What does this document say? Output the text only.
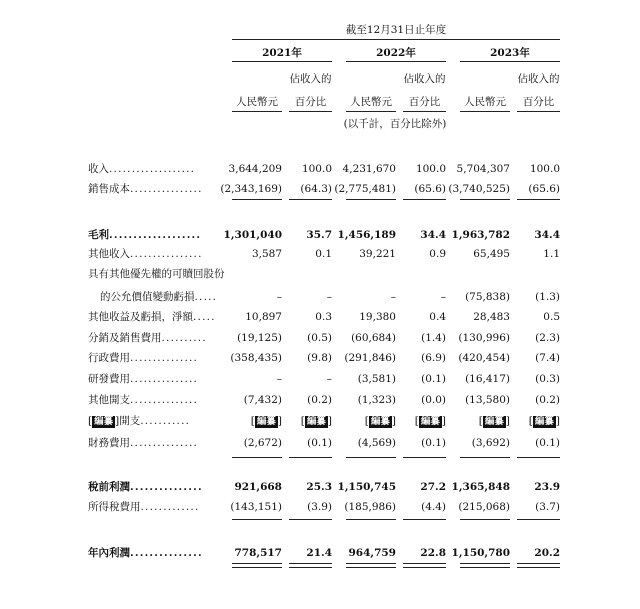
截至12月31日止年度
2021年	2022年	2023年
佔收入的	佔收入的	佔收入的
人民幣元	百分比	人民幣元	百分比	人民幣元	百分比
(以千計，百分比除外)
收入...................	3,644,209	100.0	4,231,670	100.0	5,704,307	100.0
銷售成本................	(2,343,169)	(64.3) (2,775,481)	(65.6) (3,740,525)	(65.6)
毛利...................	1,301,040	35.7 1,456,189	34.4 1,963,782	34.4
其他收入................	3,587	0.1	39,221	0.9	65,495	1.1
具有其他優先權的可贖回股份
的公允價值變動虧損.....	–	–	–	–	(75,838)	(1.3)
其他收益及虧損，淨額.....	10,897	0.3	19,380	0.4	28,483	0.5
分銷及銷售費用..........	(19,125)	(0.5)	(60,684)	(1.4)	(130,996)	(2.3)
行政費用...............	(358,435)	(9.8)	(291,846)	(6.9)	(420,454)	(7.4)
研發費用...............	–	–	(3,581)	(0.1)	(16,417)	(0.3)
其他開支...............	(7,432)	(0.2)	(1,323)	(0.0)	(13,580)	(0.2)
[ 編纂 ]開支...........	[ 編纂 ]	[ 編纂 ]	[ 編纂 ]	[ 編纂 ]	[ 編纂 ]	[ 編纂 ]
財務費用...............	(2,672)	(0.1)	(4,569)	(0.1)	(3,692)	(0.1)
稅前利潤...............	921,668	25.3 1,150,745	27.2 1,365,848	23.9
所得稅費用.............	(143,151)	(3.9)	(185,986)	(4.4)	(215,068)	(3.7)
年內利潤...............	778,517	21.4	964,759	22.8 1,150,780	20.2
